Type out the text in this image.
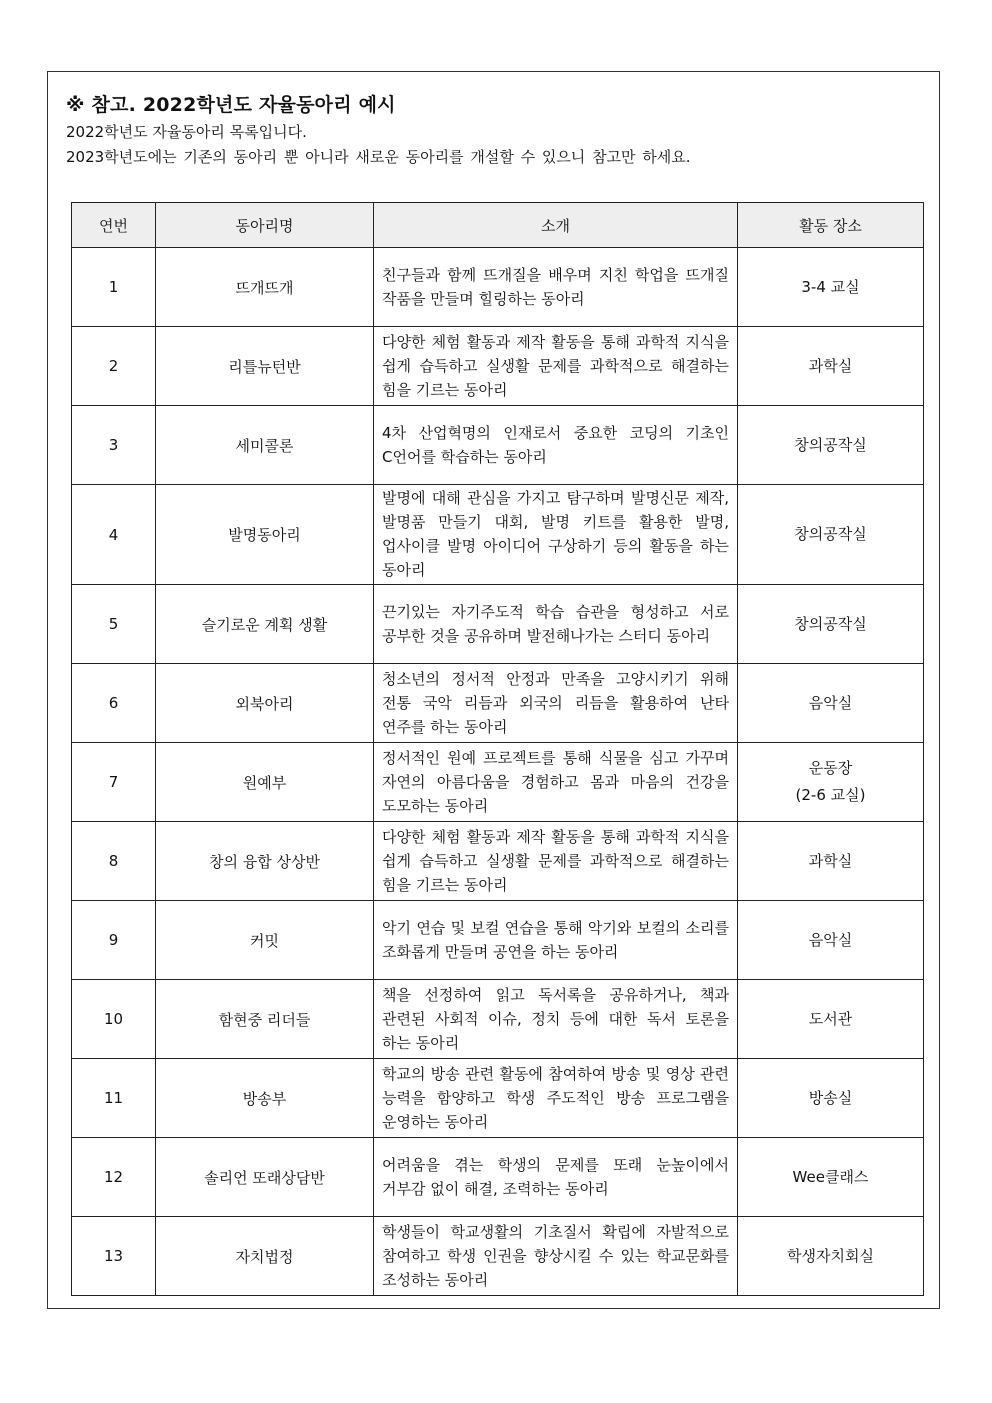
※ 참고. 2022학년도 자율동아리 예시
2022학년도 자율동아리 목록입니다.
2023학년도에는 기존의 동아리 뿐 아니라 새로운 동아리를 개설할 수 있으니 참고만 하세요.
연번	동아리명	소개	활동 장소
1	뜨개뜨개	친구들과 함께 뜨개질을 배우며 지친 학업을 뜨개질 작품을 만들며 힐링하는 동아리	3-4 교실

2	리틀뉴턴반	다양한 체험 활동과 제작 활동을 통해 과학적 지식을 쉽게 습득하고 실생활 문제를 과학적으로 해결하는 힘을 기르는 동아리	과학실

3	세미콜론	4차 산업혁명의 인재로서 중요한 코딩의 기초인 C언어를 학습하는 동아리	창의공작실

4	발명동아리	발명에 대해 관심을 가지고 탐구하며 발명신문 제작, 발명품 만들기 대회, 발명 키트를 활용한 발명, 업사이클 발명 아이디어 구상하기 등의 활동을 하는 동아리	창의공작실

5	슬기로운 계획 생활	끈기있는 자기주도적 학습 습관을 형성하고 서로 공부한 것을 공유하며 발전해나가는 스터디 동아리	창의공작실

6	외북아리	청소년의 정서적 안정과 만족을 고양시키기 위해 전통 국악 리듬과 외국의 리듬을 활용하여 난타 연주를 하는 동아리	음악실

7	원예부	정서적인 원예 프로젝트를 통해 식물을 심고 가꾸며 자연의 아름다움을 경험하고 몸과 마음의 건강을 도모하는 동아리	운동장
(2-6 교실)

8	창의 융합 상상반	다양한 체험 활동과 제작 활동을 통해 과학적 지식을 쉽게 습득하고 실생활 문제를 과학적으로 해결하는 힘을 기르는 동아리	과학실

9	커밋	악기 연습 및 보컬 연습을 통해 악기와 보컬의 소리를 조화롭게 만들며 공연을 하는 동아리	음악실

10	함현중 리더들	책을 선정하여 읽고 독서록을 공유하거나, 책과 관련된 사회적 이슈, 정치 등에 대한 독서 토론을 하는 동아리	도서관

11	방송부	학교의 방송 관련 활동에 참여하여 방송 및 영상 관련 능력을 함양하고 학생 주도적인 방송 프로그램을 운영하는 동아리	방송실

12	솔리언 또래상담반	어려움을 겪는 학생의 문제를 또래 눈높이에서 거부감 없이 해결, 조력하는 동아리	Wee클래스

13	자치법정	학생들이 학교생활의 기초질서 확립에 자발적으로 참여하고 학생 인권을 향상시킬 수 있는 학교문화를 조성하는 동아리	학생자치회실
